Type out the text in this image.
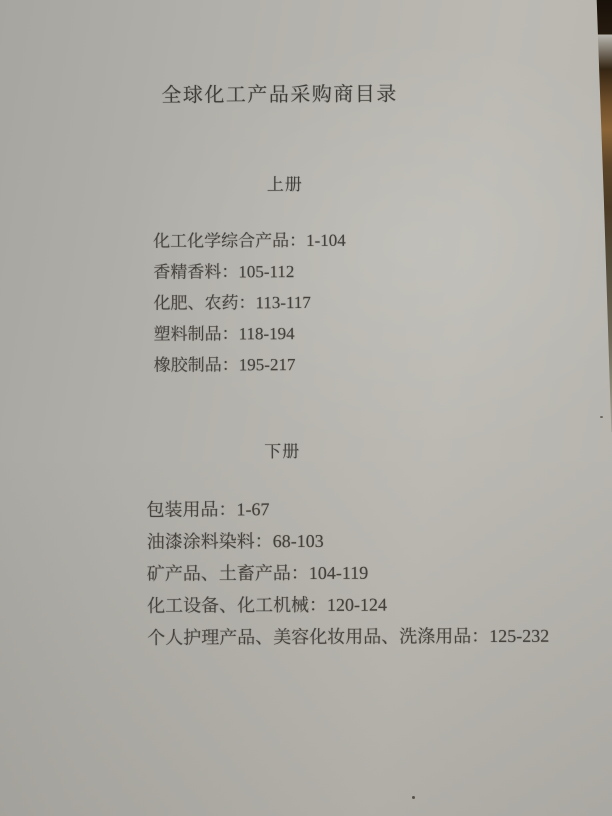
全球化工产品采购商目录
上册
化工化学综合产品：1-104
香精香料：105-112
化肥、农药：113-117
塑料制品：118-194
橡胶制品：195-217
下册
包装用品：1-67
油漆涂料染料：68-103
矿产品、土畜产品：104-119
化工设备、化工机械：120-124
个人护理产品、美容化妆用品、洗涤用品：125-232
